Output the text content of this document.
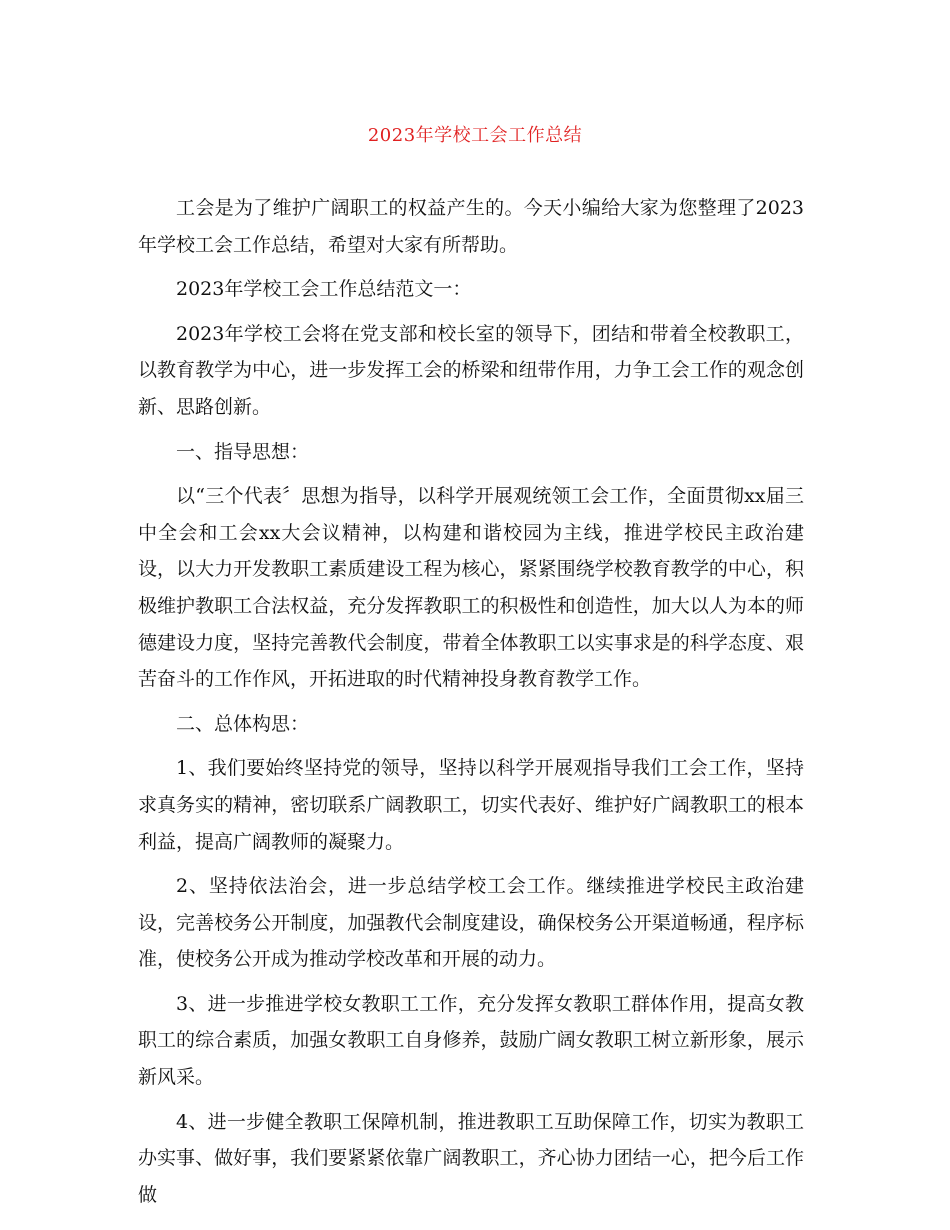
2023年学校工会工作总结

工会是为了维护广阔职工的权益产生的。今天小编给大家为您整理了2023年学校工会工作总结，希望对大家有所帮助。

2023年学校工会工作总结范文一：

2023年学校工会将在党支部和校长室的领导下，团结和带着全校教职工，以教育教学为中心，进一步发挥工会的桥梁和纽带作用，力争工会工作的观念创新、思路创新。

一、指导思想：

以“三个代表〞思想为指导，以科学开展观统领工会工作，全面贯彻xx届三中全会和工会xx大会议精神，以构建和谐校园为主线，推进学校民主政治建设，以大力开发教职工素质建设工程为核心，紧紧围绕学校教育教学的中心，积极维护教职工合法权益，充分发挥教职工的积极性和创造性，加大以人为本的师德建设力度，坚持完善教代会制度，带着全体教职工以实事求是的科学态度、艰苦奋斗的工作作风，开拓进取的时代精神投身教育教学工作。

二、总体构思：

1、我们要始终坚持党的领导，坚持以科学开展观指导我们工会工作，坚持求真务实的精神，密切联系广阔教职工，切实代表好、维护好广阔教职工的根本利益，提高广阔教师的凝聚力。

2、坚持依法治会，进一步总结学校工会工作。继续推进学校民主政治建设，完善校务公开制度，加强教代会制度建设，确保校务公开渠道畅通，程序标准，使校务公开成为推动学校改革和开展的动力。

3、进一步推进学校女教职工工作，充分发挥女教职工群体作用，提高女教职工的综合素质，加强女教职工自身修养，鼓励广阔女教职工树立新形象，展示新风采。

4、进一步健全教职工保障机制，推进教职工互助保障工作，切实为教职工办实事、做好事，我们要紧紧依靠广阔教职工，齐心协力团结一心，把今后工作做
